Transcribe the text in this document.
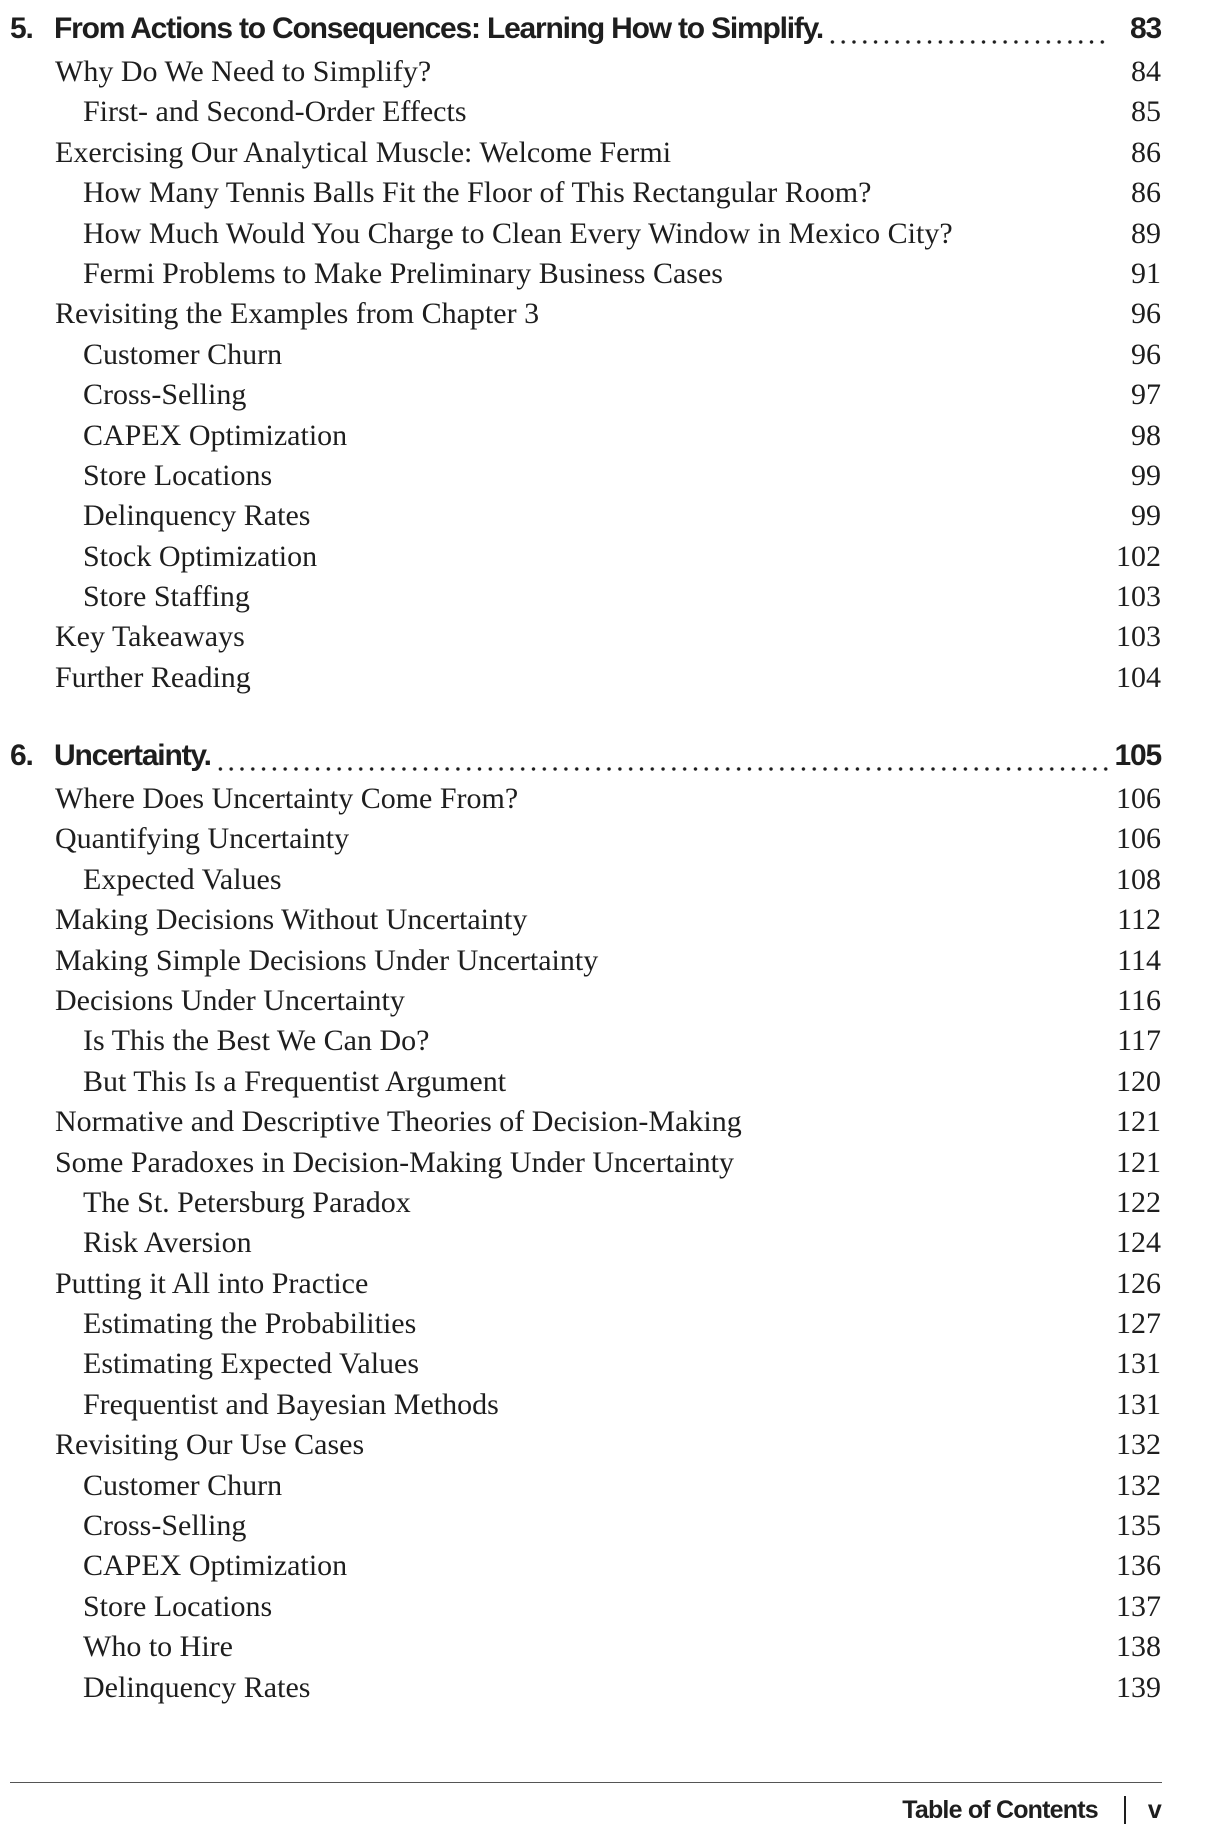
5. From Actions to Consequences: Learning How to Simplify.	83
Why Do We Need to Simplify?	84
First- and Second-Order Effects	85
Exercising Our Analytical Muscle: Welcome Fermi	86
How Many Tennis Balls Fit the Floor of This Rectangular Room?	86
How Much Would You Charge to Clean Every Window in Mexico City?	89
Fermi Problems to Make Preliminary Business Cases	91
Revisiting the Examples from Chapter 3	96
Customer Churn	96
Cross-Selling	97
CAPEX Optimization	98
Store Locations	99
Delinquency Rates	99
Stock Optimization	102
Store Staffing	103
Key Takeaways	103
Further Reading	104
6. Uncertainty.	105
Where Does Uncertainty Come From?	106
Quantifying Uncertainty	106
Expected Values	108
Making Decisions Without Uncertainty	112
Making Simple Decisions Under Uncertainty	114
Decisions Under Uncertainty	116
Is This the Best We Can Do?	117
But This Is a Frequentist Argument	120
Normative and Descriptive Theories of Decision-Making	121
Some Paradoxes in Decision-Making Under Uncertainty	121
The St. Petersburg Paradox	122
Risk Aversion	124
Putting it All into Practice	126
Estimating the Probabilities	127
Estimating Expected Values	131
Frequentist and Bayesian Methods	131
Revisiting Our Use Cases	132
Customer Churn	132
Cross-Selling	135
CAPEX Optimization	136
Store Locations	137
Who to Hire	138
Delinquency Rates	139
Table of Contents v
